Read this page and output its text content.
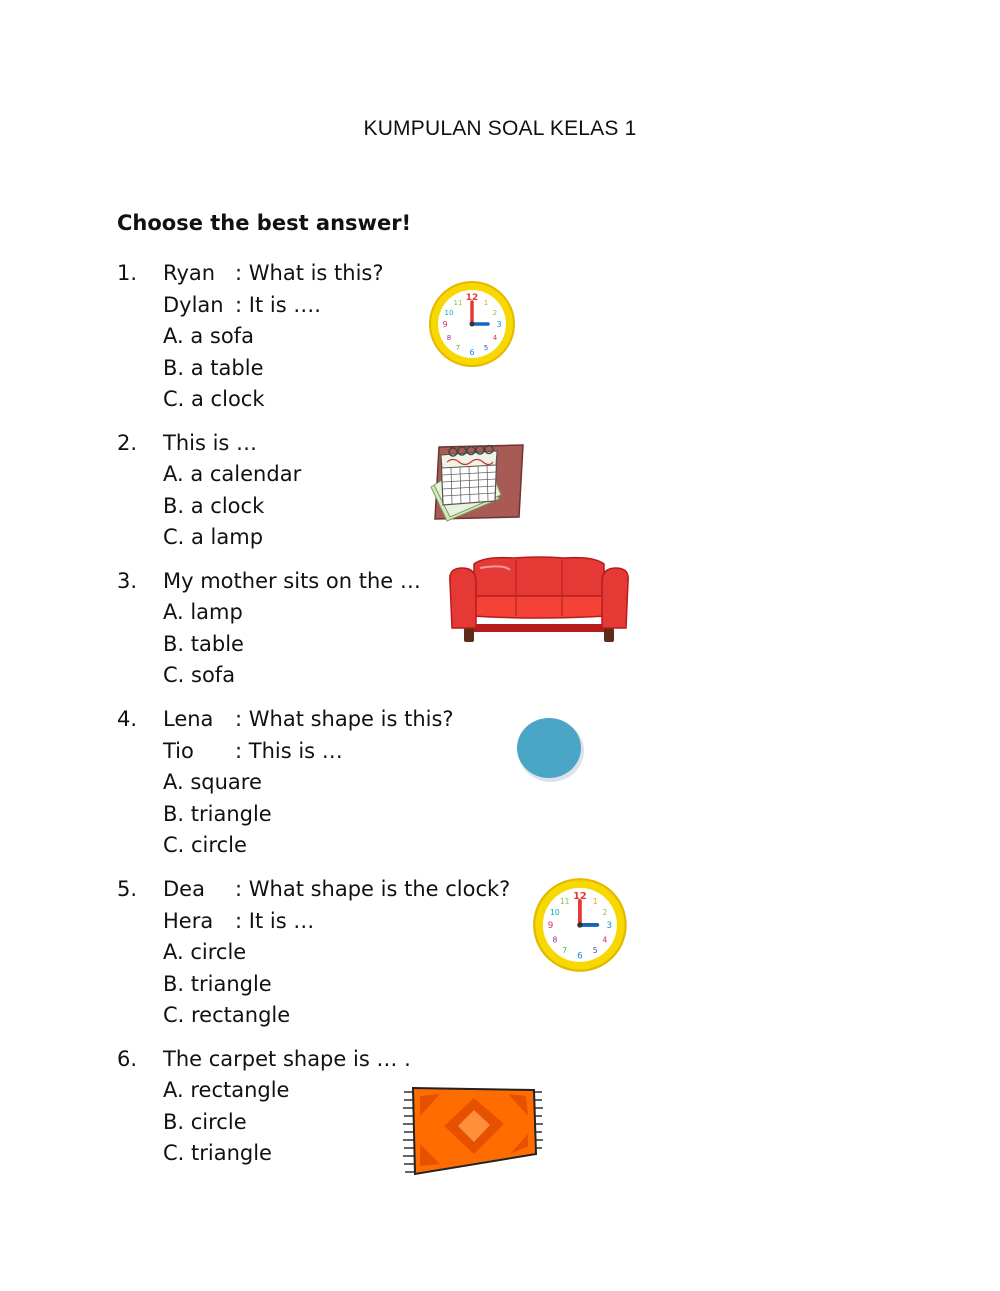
KUMPULAN SOAL KELAS 1
Choose the best answer!
1. Ryan : What is this?
Dylan : It is ….
A. a sofa
B. a table
C. a clock
12 1
2
3
4
5
6
7
8
9
10
11
2. This is …
A. a calendar
B. a clock
C. a lamp
3. My mother sits on the …
A. lamp
B. table
C. sofa
4. Lena : What shape is this?
Tio : This is …
A. square
B. triangle
C. circle
5. Dea : What shape is the clock?
Hera : It is …
A. circle
B. triangle
C. rectangle
12 1
2
3
4
5
6
7
8
9
10
11
6. The carpet shape is … .
A. rectangle
B. circle
C. triangle
